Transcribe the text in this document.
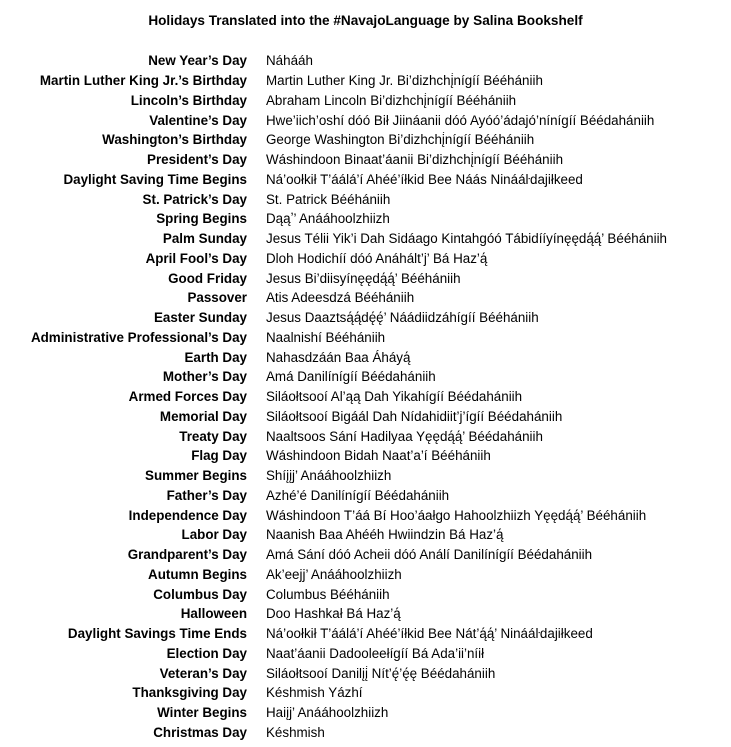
Holidays Translated into the #NavajoLanguage by Salina Bookshelf
New Year’s Day Náhááh
Martin Luther King Jr.’s Birthday Martin Luther King Jr. Bi’dizhchį́nígíí Bééhániih
Lincoln’s Birthday Abraham Lincoln Bi’dizhchį́nígíí Bééhániih
Valentine’s Day Hwe’iich’oshí dóó Bił Jiináanii dóó Ayóó’ádajó’nínígíí Béédahániih
Washington’s Birthday George Washington Bi’dizhchį́nígíí Bééhániih
President’s Day Wáshindoon Binaat’áanii Bi’dizhchį́nígíí Bééhániih
Daylight Saving Time Begins Ná’oołkił T’áálá’í Ahéé’íłkid Bee Náás Ninááŀdajiłkeed
St. Patrick’s Day St. Patrick Bééhániih
Spring Begins Dąąʼ’ Anááhoolzhiizh
Palm Sunday Jesus Télii Yik’i Dah Sidáago Kintahgóó Tábidííyínęędą́ą́’ Bééhániih
April Fool’s Day Dloh Hodichíí dóó Anáhált’j’ Bá Haz’ą́
Good Friday Jesus Bi’diisyínęędą́ą́’ Bééhániih
Passover Atis Adeesdzá Bééhániih
Easter Sunday Jesus Daaztsą́ą́dę́ę́’ Náádiidzáhígíí Bééhániih
Administrative Professional’s Day Naalnishí Bééhániih
Earth Day Nahasdzáán Baa Áháyą́
Mother’s Day Amá Danilínígíí Béédahániih
Armed Forces Day Siláołtsooí Al’ąą Dah Yikahígíí Béédahániih
Memorial Day Siláołtsooí Bigáál Dah Nídahidiit’j’ígíí Béédahániih
Treaty Day Naaltsoos Sání Hadilyaa Yęędą́ą́’ Béédahániih
Flag Day Wáshindoon Bidah Naat’a’í Bééhániih
Summer Begins Shíįįj’ Anááhoolzhiizh
Father’s Day Azhé’é Danilínígíí Béédahániih
Independence Day Wáshindoon T’áá Bí Hoo’áałgo Hahoolzhiizh Yęędą́ą́’ Bééhániih
Labor Day Naanish Baa Ahééh Hwiindzin Bá Haz’ą́
Grandparent’s Day Amá Sání dóó Acheii dóó Análí Danilínígíí Béédahániih
Autumn Begins Ak’eejj’ Anááhoolzhiizh
Columbus Day Columbus Bééhániih
Halloween Doo Hashkał Bá Haz’ą́
Daylight Savings Time Ends Ná’oołkił T’áálá’í Ahéé’íłkid Bee Nát’ą́ą́’ Ninááŀdajiłkeed
Election Day Naat’áanii Dadooleełígíí Bá Ada’ii’níił
Veteran’s Day Siláołtsooí Danilįį́ Nít’ę́’ę́ę Béédahániih
Thanksgiving Day Késhmish Yázhí
Winter Begins Haiįj’ Anááhoolzhiizh
Christmas Day Késhmish
